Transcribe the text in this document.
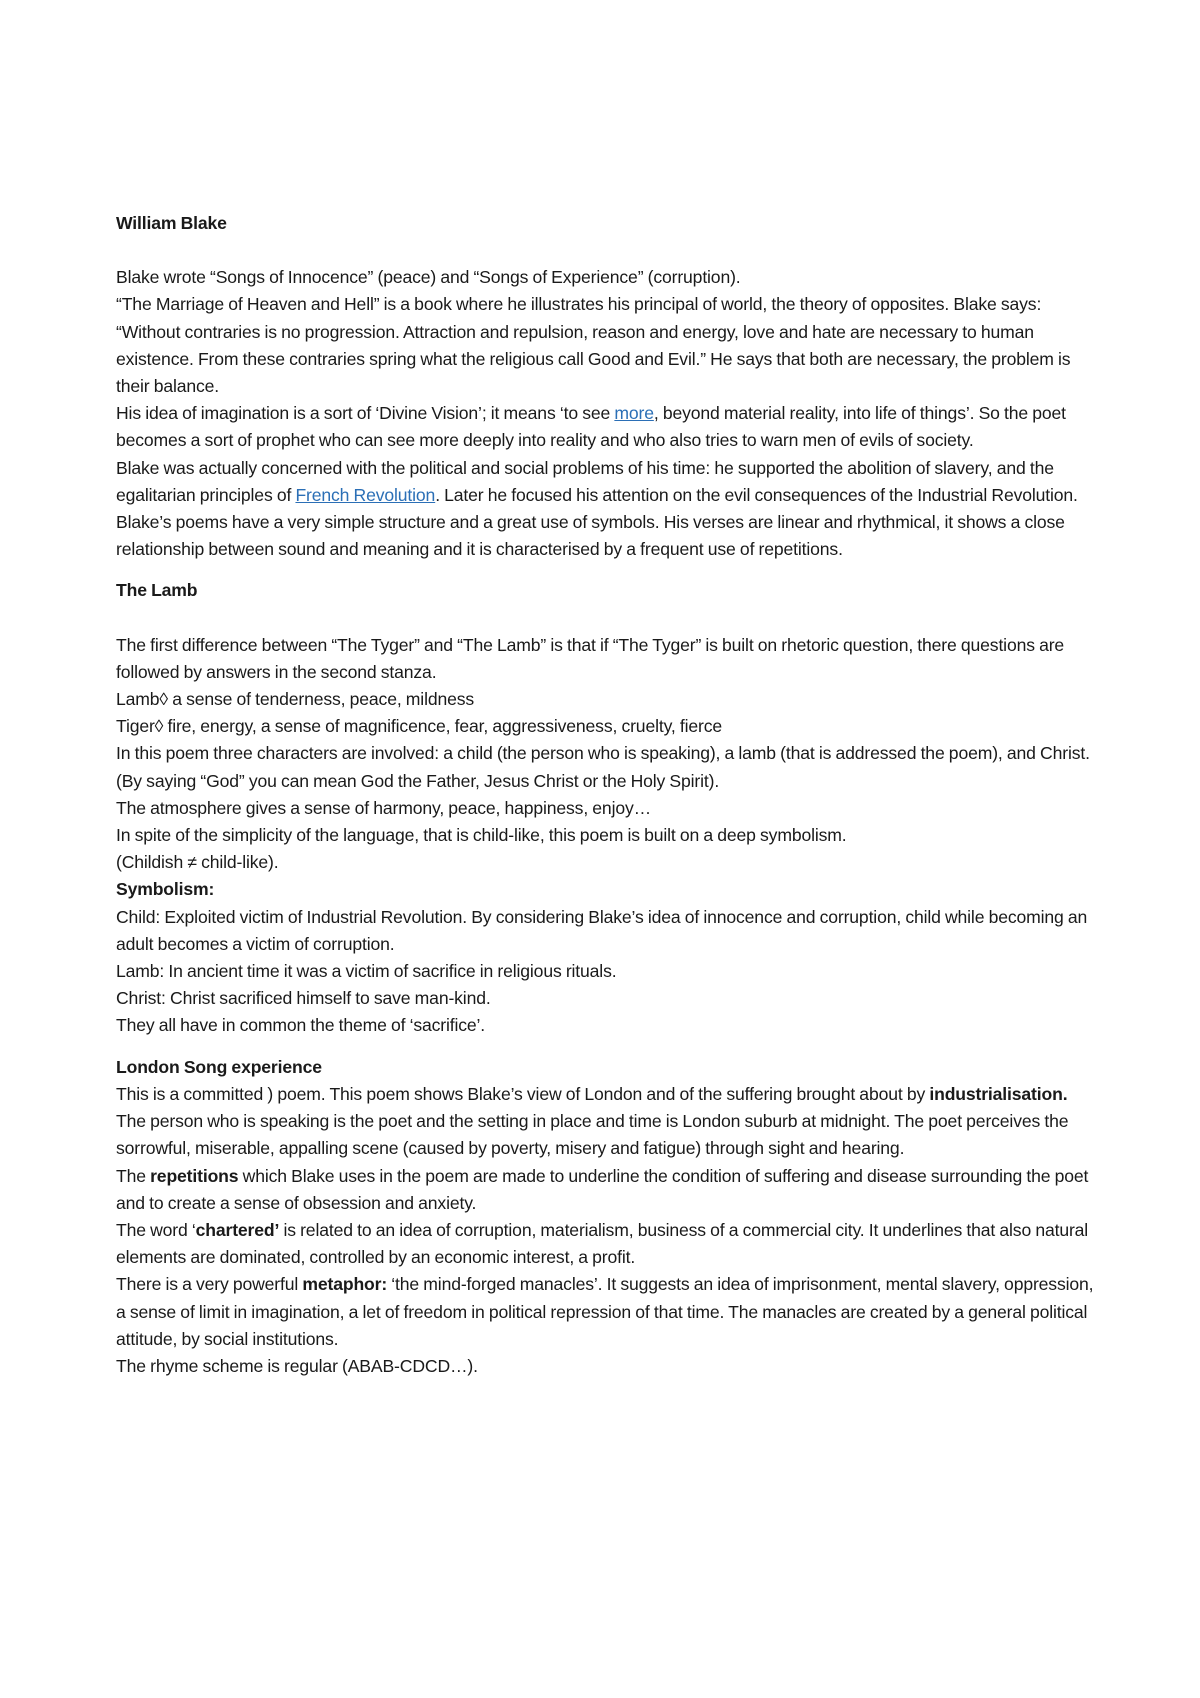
William Blake

Blake wrote “Songs of Innocence” (peace) and “Songs of Experience” (corruption).

“The Marriage of Heaven and Hell” is a book where he illustrates his principal of world, the theory of opposites. Blake says: “Without contraries is no progression. Attraction and repulsion, reason and energy, love and hate are necessary to human existence. From these contraries spring what the religious call Good and Evil.” He says that both are necessary, the problem is their balance.

His idea of imagination is a sort of ‘Divine Vision’; it means ‘to see more, beyond material reality, into life of things’. So the poet becomes a sort of prophet who can see more deeply into reality and who also tries to warn men of evils of society.

Blake was actually concerned with the political and social problems of his time: he supported the abolition of slavery, and the egalitarian principles of French Revolution. Later he focused his attention on the evil consequences of the Industrial Revolution.

Blake’s poems have a very simple structure and a great use of symbols. His verses are linear and rhythmical, it shows a close relationship between sound and meaning and it is characterised by a frequent use of repetitions.

The Lamb

The first difference between “The Tyger” and “The Lamb” is that if “The Tyger” is built on rhetoric question, there questions are followed by answers in the second stanza.

Lamb◊ a sense of tenderness, peace, mildness

Tiger◊ fire, energy, a sense of magnificence, fear, aggressiveness, cruelty, fierce

In this poem three characters are involved: a child (the person who is speaking), a lamb (that is addressed the poem), and Christ. (By saying “God” you can mean God the Father, Jesus Christ or the Holy Spirit).

The atmosphere gives a sense of harmony, peace, happiness, enjoy…

In spite of the simplicity of the language, that is child-like, this poem is built on a deep symbolism.

(Childish ≠ child-like).

Symbolism:

Child: Exploited victim of Industrial Revolution. By considering Blake’s idea of innocence and corruption, child while becoming an adult becomes a victim of corruption.

Lamb: In ancient time it was a victim of sacrifice in religious rituals.

Christ: Christ sacrificed himself to save man-kind.

They all have in common the theme of ‘sacrifice’.

London Song experience

This is a committed ) poem. This poem shows Blake’s view of London and of the suffering brought about by industrialisation.

The person who is speaking is the poet and the setting in place and time is London suburb at midnight. The poet perceives the sorrowful, miserable, appalling scene (caused by poverty, misery and fatigue) through sight and hearing.

The repetitions which Blake uses in the poem are made to underline the condition of suffering and disease surrounding the poet and to create a sense of obsession and anxiety.

The word ‘chartered’ is related to an idea of corruption, materialism, business of a commercial city. It underlines that also natural elements are dominated, controlled by an economic interest, a profit.

There is a very powerful metaphor: ‘the mind-forged manacles’. It suggests an idea of imprisonment, mental slavery, oppression, a sense of limit in imagination, a let of freedom in political repression of that time. The manacles are created by a general political attitude, by social institutions.

The rhyme scheme is regular (ABAB-CDCD…).
